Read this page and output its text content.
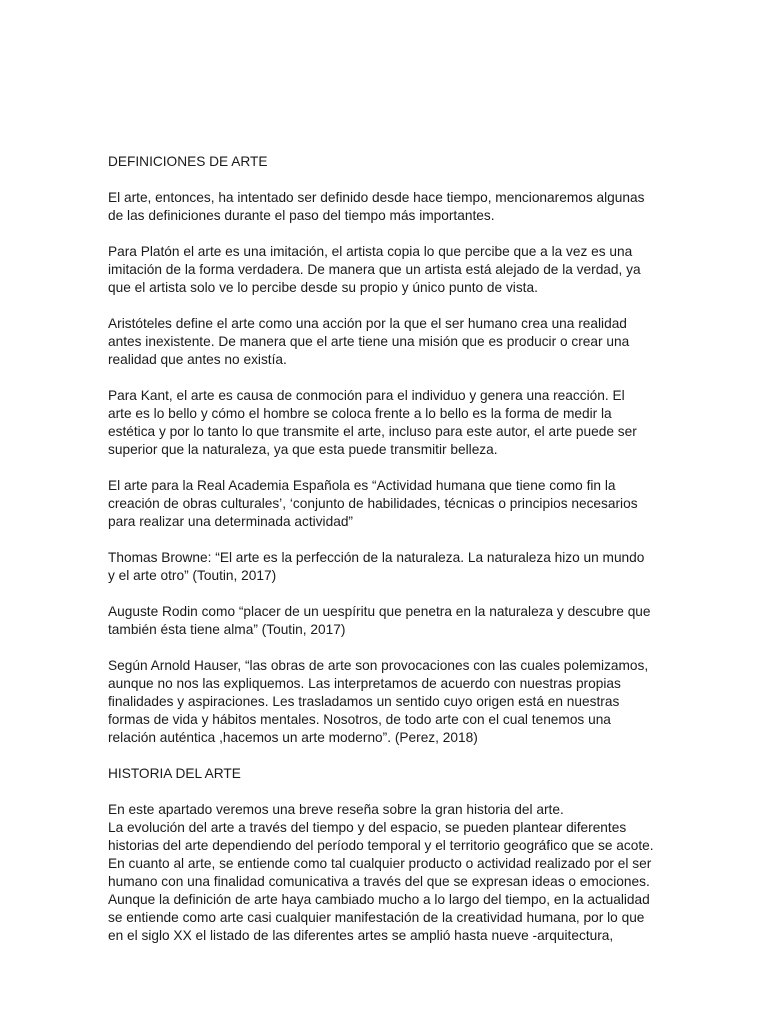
DEFINICIONES DE ARTE

El arte, entonces, ha intentado ser definido desde hace tiempo, mencionaremos algunas
de las definiciones durante el paso del tiempo más importantes.

Para Platón el arte es una imitación, el artista copia lo que percibe que a la vez es una
imitación de la forma verdadera. De manera que un artista está alejado de la verdad, ya
que el artista solo ve lo percibe desde su propio y único punto de vista.

Aristóteles define el arte como una acción por la que el ser humano crea una realidad
antes inexistente. De manera que el arte tiene una misión que es producir o crear una
realidad que antes no existía.

Para Kant, el arte es causa de conmoción para el individuo y genera una reacción. El
arte es lo bello y cómo el hombre se coloca frente a lo bello es la forma de medir la
estética y por lo tanto lo que transmite el arte, incluso para este autor, el arte puede ser
superior que la naturaleza, ya que esta puede transmitir belleza.

El arte para la Real Academia Española es “Actividad humana que tiene como fin la
creación de obras culturales’, ‘conjunto de habilidades, técnicas o principios necesarios
para realizar una determinada actividad”

Thomas Browne: “El arte es la perfección de la naturaleza. La naturaleza hizo un mundo
y el arte otro” (Toutin, 2017)

Auguste Rodin como “placer de un uespíritu que penetra en la naturaleza y descubre que
también ésta tiene alma” (Toutin, 2017)

Según Arnold Hauser, “las obras de arte son provocaciones con las cuales polemizamos,
aunque no nos las expliquemos. Las interpretamos de acuerdo con nuestras propias
finalidades y aspiraciones. Les trasladamos un sentido cuyo origen está en nuestras
formas de vida y hábitos mentales. Nosotros, de todo arte con el cual tenemos una
relación auténtica ,hacemos un arte moderno”. (Perez, 2018)

HISTORIA DEL ARTE

En este apartado veremos una breve reseña sobre la gran historia del arte.
La evolución del arte a través del tiempo y del espacio, se pueden plantear diferentes
historias del arte dependiendo del período temporal y el territorio geográfico que se acote.
En cuanto al arte, se entiende como tal cualquier producto o actividad realizado por el ser
humano con una finalidad comunicativa a través del que se expresan ideas o emociones.
Aunque la definición de arte haya cambiado mucho a lo largo del tiempo, en la actualidad
se entiende como arte casi cualquier manifestación de la creatividad humana, por lo que
en el siglo XX el listado de las diferentes artes se amplió hasta nueve -arquitectura,
